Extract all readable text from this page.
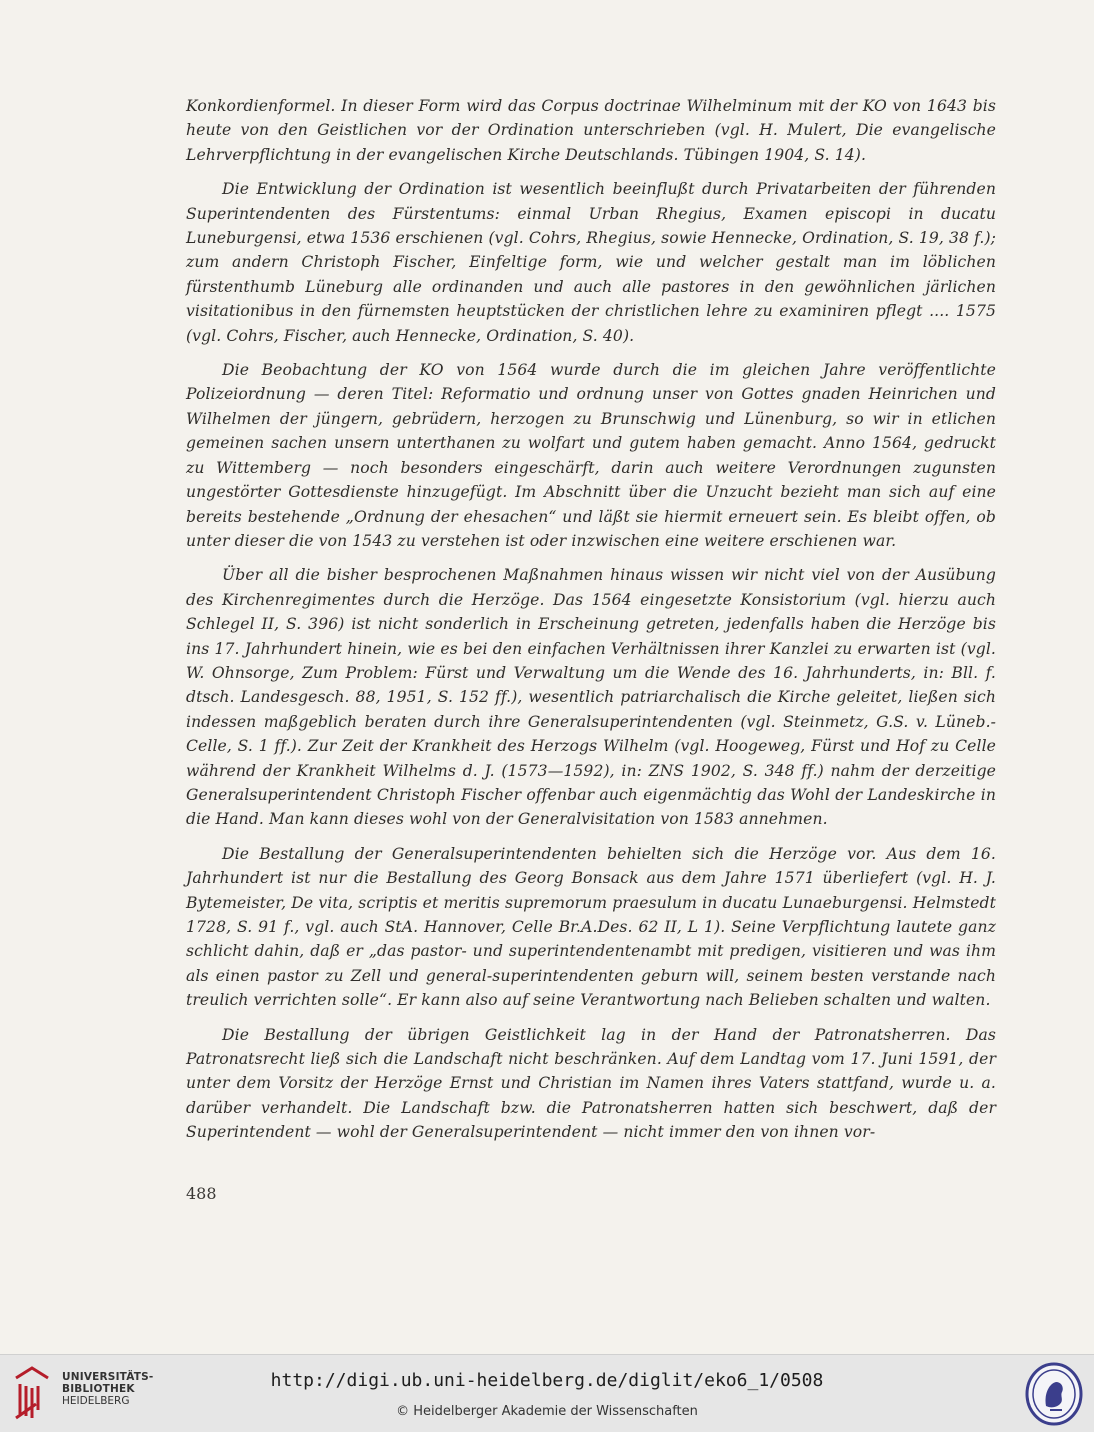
Konkordienformel. In dieser Form wird das Corpus doctrinae Wilhelminum mit der KO von 1643 bis heute von den Geistlichen vor der Ordination unterschrieben (vgl. H. Mulert, Die evangelische Lehrverpflichtung in der evangelischen Kirche Deutschlands. Tübingen 1904, S. 14).

Die Entwicklung der Ordination ist wesentlich beeinflußt durch Privatarbeiten der führenden Superintendenten des Fürstentums: einmal Urban Rhegius, Examen episcopi in ducatu Luneburgensi, etwa 1536 erschienen (vgl. Cohrs, Rhegius, sowie Hennecke, Ordination, S. 19, 38 f.); zum andern Christoph Fischer, Einfeltige form, wie und welcher gestalt man im löblichen fürstenthumb Lüneburg alle ordinanden und auch alle pastores in den gewöhnlichen järlichen visitationibus in den fürnemsten heuptstücken der christlichen lehre zu examiniren pflegt .... 1575 (vgl. Cohrs, Fischer, auch Hennecke, Ordination, S. 40).

Die Beobachtung der KO von 1564 wurde durch die im gleichen Jahre veröffentlichte Polizeiordnung — deren Titel: Reformatio und ordnung unser von Gottes gnaden Heinrichen und Wilhelmen der jüngern, gebrüdern, herzogen zu Brunschwig und Lünenburg, so wir in etlichen gemeinen sachen unsern unterthanen zu wolfart und gutem haben gemacht. Anno 1564, gedruckt zu Wittemberg — noch besonders eingeschärft, darin auch weitere Verordnungen zugunsten ungestörter Gottesdienste hinzugefügt. Im Abschnitt über die Unzucht bezieht man sich auf eine bereits bestehende „Ordnung der ehesachen“ und läßt sie hiermit erneuert sein. Es bleibt offen, ob unter dieser die von 1543 zu verstehen ist oder inzwischen eine weitere erschienen war.

Über all die bisher besprochenen Maßnahmen hinaus wissen wir nicht viel von der Ausübung des Kirchenregimentes durch die Herzöge. Das 1564 eingesetzte Konsistorium (vgl. hierzu auch Schlegel II, S. 396) ist nicht sonderlich in Erscheinung getreten, jedenfalls haben die Herzöge bis ins 17. Jahrhundert hinein, wie es bei den einfachen Verhältnissen ihrer Kanzlei zu erwarten ist (vgl. W. Ohnsorge, Zum Problem: Fürst und Verwaltung um die Wende des 16. Jahrhunderts, in: Bll. f. dtsch. Landesgesch. 88, 1951, S. 152 ff.), wesentlich patriarchalisch die Kirche geleitet, ließen sich indessen maßgeblich beraten durch ihre Generalsuperintendenten (vgl. Steinmetz, G.S. v. Lüneb.-Celle, S. 1 ff.). Zur Zeit der Krankheit des Herzogs Wilhelm (vgl. Hoogeweg, Fürst und Hof zu Celle während der Krankheit Wilhelms d. J. (1573—1592), in: ZNS 1902, S. 348 ff.) nahm der derzeitige Generalsuperintendent Christoph Fischer offenbar auch eigenmächtig das Wohl der Landeskirche in die Hand. Man kann dieses wohl von der Generalvisitation von 1583 annehmen.

Die Bestallung der Generalsuperintendenten behielten sich die Herzöge vor. Aus dem 16. Jahrhundert ist nur die Bestallung des Georg Bonsack aus dem Jahre 1571 überliefert (vgl. H. J. Bytemeister, De vita, scriptis et meritis supremorum praesulum in ducatu Lunaeburgensi. Helmstedt 1728, S. 91 f., vgl. auch StA. Hannover, Celle Br.A.Des. 62 II, L 1). Seine Verpflichtung lautete ganz schlicht dahin, daß er „das pastor- und superintendentenambt mit predigen, visitieren und was ihm als einen pastor zu Zell und general-superintendenten geburn will, seinem besten verstande nach treulich verrichten solle“. Er kann also auf seine Verantwortung nach Belieben schalten und walten.

Die Bestallung der übrigen Geistlichkeit lag in der Hand der Patronatsherren. Das Patronatsrecht ließ sich die Landschaft nicht beschränken. Auf dem Landtag vom 17. Juni 1591, der unter dem Vorsitz der Herzöge Ernst und Christian im Namen ihres Vaters stattfand, wurde u. a. darüber verhandelt. Die Landschaft bzw. die Patronatsherren hatten sich beschwert, daß der Superintendent — wohl der Generalsuperintendent — nicht immer den von ihnen vor-

488
UNIVERSITÄTS-
BIBLIOTHEK
HEIDELBERG
http://digi.ub.uni-heidelberg.de/diglit/eko6_1/0508
© Heidelberger Akademie der Wissenschaften
